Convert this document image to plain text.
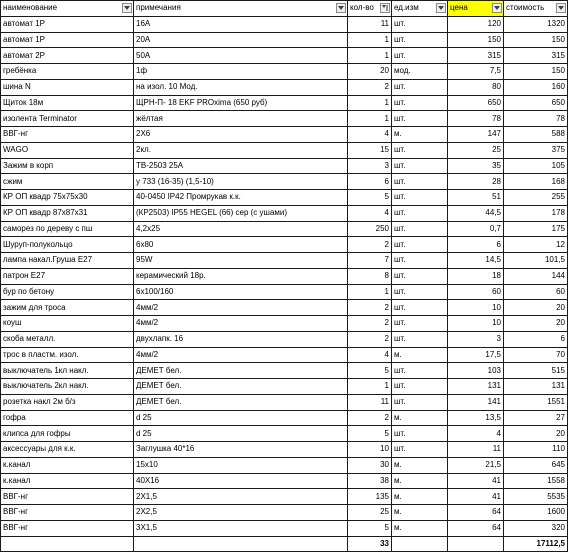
наименование	примечания	кол-во	ед.изм	цена	стоимость

автомат 1Р	16A	11	шт.	120	1320
автомат 1Р	20A	1	шт.	150	150
автомат 2Р	50A	1	шт.	315	315
гребёнка	1ф	20	мод.	7,5	150
шина N	на изол. 10 Мод.	2	шт.	80	160
Щиток 18м	ЩРН-П- 18 EKF PROxima (650 руб)	1	шт.	650	650
изолента Terminator	жёлтая	1	шт.	78	78
ВВГ-нг	2Х6	4	м.	147	588
WAGO	2кл.	15	шт.	25	375
Зажим в корп	ТВ-2503 25А	3	шт.	35	105
сжим	у 733 (16-35) (1,5-10)	6	шт.	28	168
КР ОП квадр 75х75х30	40-0450 IP42 Промрукав к.к.	5	шт.	51	255
КР ОП квадр 87х87х31	(КР2503) IP55 HEGEL (66) сер (с ушами)	4	шт.	44,5	178
саморез по дереву с пш	4,2х25	250	шт.	0,7	175
Шуруп-полукольцо	6х80	2	шт.	6	12
лампа накал.Груша Е27	95W	7	шт.	14,5	101,5
патрон Е27	керамический 18р.	8	шт.	18	144
бур по бетону	6х100/160	1	шт.	60	60
зажим для троса	4мм/2	2	шт.	10	20
коуш	4мм/2	2	шт.	10	20
скоба металл.	двухлапк. 16	2	шт.	3	6
трос в пластм. изол.	4мм/2	4	м.	17,5	70
выключатель 1кл накл.	ДЕМЕТ бел.	5	шт.	103	515
выключатель 2кл накл.	ДЕМЕТ бел.	1	шт.	131	131
розетка накл 2м б/з	ДЕМЕТ бел.	11	шт.	141	1551
гофра	d 25	2	м.	13,5	27
клипса для гофры	d 25	5	шт.	4	20
аксессуары для к.к.	Заглушка 40*16	10	шт.	11	110
к.канал	15х10	30	м.	21,5	645
к.канал	40Х16	38	м.	41	1558
ВВГ-нг	2Х1,5	135	м.	41	5535
ВВГ-нг	2Х2,5	25	м.	64	1600
ВВГ-нг	3Х1,5	5	м.	64	320
		33			17112,5
